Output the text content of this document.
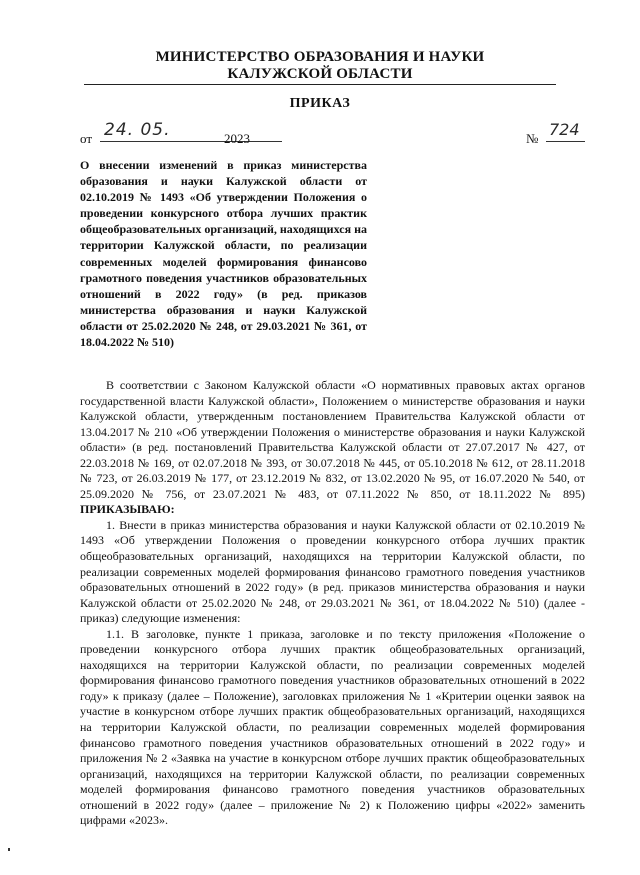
МИНИСТЕРСТВО ОБРАЗОВАНИЯ И НАУКИ
КАЛУЖСКОЙ ОБЛАСТИ
ПРИКАЗ
от 24. 05.	2023	№ 724
О внесении изменений в приказ министерства образования и науки Калужской области от 02.10.2019 № 1493 «Об утверждении Положения о проведении конкурсного отбора лучших практик общеобразовательных организаций, находящихся на территории Калужской области, по реализации современных моделей формирования финансово грамотного поведения участников образовательных отношений в 2022 году» (в ред. приказов министерства образования и науки Калужской области от 25.02.2020 № 248, от 29.03.2021 № 361, от 18.04.2022 № 510)

В соответствии с Законом Калужской области «О нормативных правовых актах органов государственной власти Калужской области», Положением о министерстве образования и науки Калужской области, утвержденным постановлением Правительства Калужской области от 13.04.2017 № 210 «Об утверждении Положения о министерстве образования и науки Калужской области» (в ред. постановлений Правительства Калужской области от 27.07.2017 № 427, от 22.03.2018 № 169, от 02.07.2018 № 393, от 30.07.2018 № 445, от 05.10.2018 № 612, от 28.11.2018 № 723, от 26.03.2019 № 177, от 23.12.2019 № 832, от 13.02.2020 № 95, от 16.07.2020 № 540, от 25.09.2020 № 756, от 23.07.2021 № 483, от 07.11.2022 № 850, от 18.11.2022 № 895) ПРИКАЗЫВАЮ:

1. Внести в приказ министерства образования и науки Калужской области от 02.10.2019 № 1493 «Об утверждении Положения о проведении конкурсного отбора лучших практик общеобразовательных организаций, находящихся на территории Калужской области, по реализации современных моделей формирования финансово грамотного поведения участников образовательных отношений в 2022 году» (в ред. приказов министерства образования и науки Калужской области от 25.02.2020 № 248, от 29.03.2021 № 361, от 18.04.2022 № 510) (далее - приказ) следующие изменения:

1.1. В заголовке, пункте 1 приказа, заголовке и по тексту приложения «Положение о проведении конкурсного отбора лучших практик общеобразовательных организаций, находящихся на территории Калужской области, по реализации современных моделей формирования финансово грамотного поведения участников образовательных отношений в 2022 году» к приказу (далее – Положение), заголовках приложения № 1 «Критерии оценки заявок на участие в конкурсном отборе лучших практик общеобразовательных организаций, находящихся на территории Калужской области, по реализации современных моделей формирования финансово грамотного поведения участников образовательных отношений в 2022 году» и приложения № 2 «Заявка на участие в конкурсном отборе лучших практик общеобразовательных организаций, находящихся на территории Калужской области, по реализации современных моделей формирования финансово грамотного поведения участников образовательных отношений в 2022 году» (далее – приложение № 2) к Положению цифры «2022» заменить цифрами «2023».
